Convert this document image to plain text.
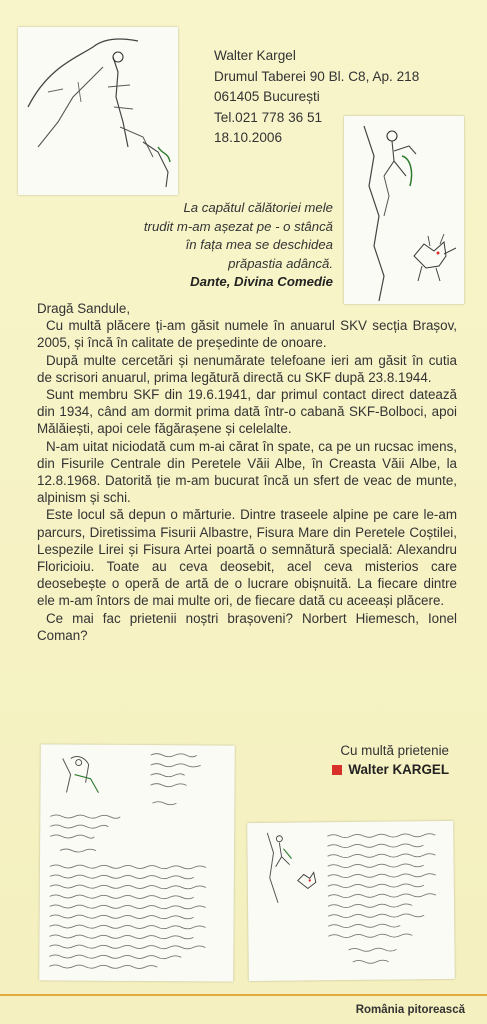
Walter Kargel
Drumul Taberei 90 Bl. C8, Ap. 218
061405 București
Tel.021 778 36 51
18.10.2006
La capătul călătoriei mele
trudit m-am așezat pe - o stâncă
în fața mea se deschidea
prăpastia adâncă.
Dante, Divina Comedie

Dragă Sandule,

Cu multă plăcere ți-am găsit numele în anuarul SKV secția Brașov, 2005, și încă în calitate de președinte de onoare.

După multe cercetări și nenumărate telefoane ieri am găsit în cutia de scrisori anuarul, prima legătură directă cu SKF după 23.8.1944.

Sunt membru SKF din 19.6.1941, dar primul contact direct datează din 1934, când am dormit prima dată într-o cabană SKF-Bolboci, apoi Mălăiești, apoi cele făgărașene și celelalte.

N-am uitat niciodată cum m-ai cărat în spate, ca pe un rucsac imens, din Fisurile Centrale din Peretele Văii Albe, în Creasta Văii Albe, la 12.8.1968. Datorită ție m-am bucurat încă un sfert de veac de munte, alpinism și schi.

Este locul să depun o mărturie. Dintre traseele alpine pe care le-am parcurs, Diretissima Fisurii Albastre, Fisura Mare din Peretele Coștilei, Lespezile Lirei și Fisura Artei poartă o semnătură specială: Alexandru Floricioiu. Toate au ceva deosebit, acel ceva misterios care deosebește o operă de artă de o lucrare obișnuită. La fiecare dintre ele m-am întors de mai multe ori, de fiecare dată cu aceeași plăcere.

Ce mai fac prietenii noștri brașoveni? Norbert Hiemesch, Ionel Coman?

Cu multă prietenie
Walter KARGEL
România pitorească
